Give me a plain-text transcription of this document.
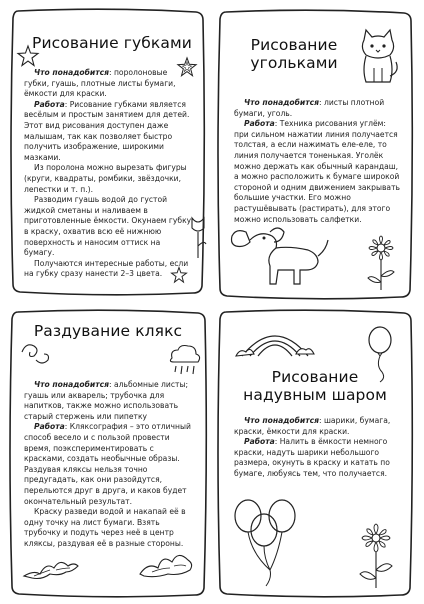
Рисование губками

Что понадобится: поролоновые губки, гуашь, плотные листы бумаги, ёмкости для краски.

Работа: Рисование губками является весёлым и простым занятием для детей. Этот вид рисования доступен даже малышам, так как позволяет быстро получить изображение, широкими мазками.

Из поролона можно вырезать фигуры (круги, квадраты, ромбики, звёздочки, лепестки и т. п.).

Разводим гуашь водой до густой жидкой сметаны и наливаем в приготовленные ёмкости. Окунаем губку в краску, охватив всю её нижнюю поверхность и наносим оттиск на бумагу.

Получаются интересные работы, если на губку сразу нанести 2–3 цвета.

Рисование
угольками

Что понадобится: листы плотной бумаги, уголь.

Работа: Техника рисования углём: при сильном нажатии линия получается толстая, а если нажимать еле-еле, то линия получается тоненькая. Уголёк можно держать как обычный карандаш, а можно расположить к бумаге широкой стороной и одним движением закрывать большие участки. Его можно растушёвывать (растирать), для этого можно использовать салфетки.

Раздувание клякс

Что понадобится: альбомные листы; гуашь или акварель; трубочка для напитков, также можно использовать старый стержень или пипетку

Работа: Кляксография – это отличный способ весело и с пользой провести время, поэкспериментировать с красками, создать необычные образы. Раздувая кляксы нельзя точно предугадать, как они разойдутся, перельются друг в друга, и каков будет окончательный результат.

Краску разведи водой и накапай её в одну точку на лист бумаги. Взять трубочку и подуть через неё в центр кляксы, раздувая её в разные стороны.

Рисование
надувным шаром

Что понадобится: шарики, бумага, краски, ёмкости для краски.

Работа: Налить в ёмкости немного краски, надуть шарики небольшого размера, окунуть в краску и катать по бумаге, любуясь тем, что получается.
